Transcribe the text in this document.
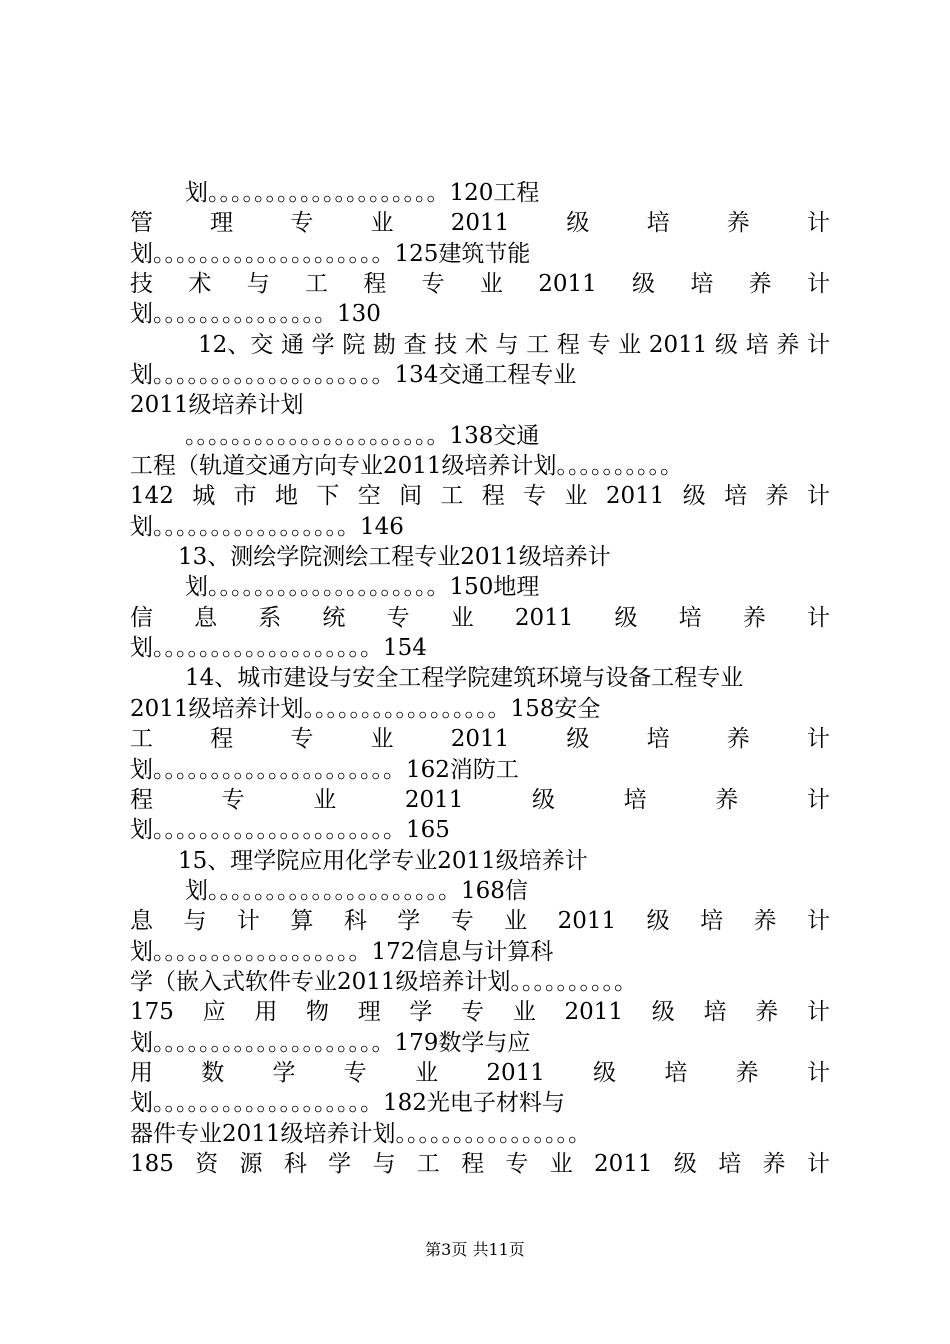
划。。。。。。。。。。。。。。。。。。。。120工程
管 理 专 业 2011 级 培 养 计
划。。。。。。。。。。。。。。。。。。。。125建筑节能
技 术 与 工 程 专 业 2011 级 培 养 计
划。。。。。。。。。。。。。。。130
12、交 通 学 院 勘 查 技 术 与 工 程 专 业 2011 级 培 养 计
划。。。。。。。。。。。。。。。。。。。。134交通工程专业
2011级培养计划
。。。。。。。。。。。。。。。。。。。。。。138交通
工程（轨道交通方向专业2011级培养计划。。。。。。。。。。
142 城 市 地 下 空 间 工 程 专 业 2011 级 培 养 计
划。。。。。。。。。。。。。。。。。146
13、测绘学院测绘工程专业2011级培养计
划。。。。。。。。。。。。。。。。。。。。150地理
信 息 系 统 专 业 2011 级 培 养 计
划。。。。。。。。。。。。。。。。。。。154
14、城市建设与安全工程学院建筑环境与设备工程专业
2011级培养计划。。。。。。。。。。。。。。。。。158安全
工 程 专 业 2011 级 培 养 计
划。。。。。。。。。。。。。。。。。。。。。162消防工
程	专	业	2011	级	培	养	计
划。。。。。。。。。。。。。。。。。。。。。165
15、理学院应用化学专业2011级培养计
划。。。。。。。。。。。。。。。。。。。。。168信
息 与 计 算 科 学 专 业 2011 级 培 养 计
划。。。。。。。。。。。。。。。。。。172信息与计算科
学（嵌入式软件专业2011级培养计划。。。。。。。。。。
175 应 用 物 理 学 专 业 2011 级 培 养 计
划。。。。。。。。。。。。。。。。。。。。179数学与应
用 数 学 专 业 2011 级 培 养 计
划。。。。。。。。。。。。。。。。。。。182光电子材料与
器件专业2011级培养计划。。。。。。。。。。。。。。。。
185 资 源 科 学 与 工 程 专 业 2011 级 培 养 计
第3页 共11页
